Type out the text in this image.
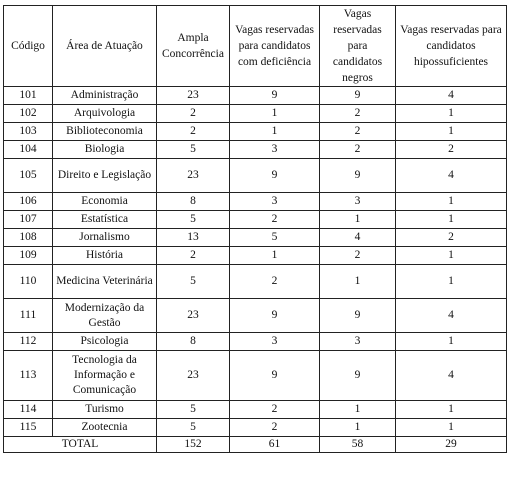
Código	Área de Atuação	Ampla Concorrência	Vagas reservadas para candidatos com deficiência	Vagas reservadas para candidatos negros	Vagas reservadas para candidatos hipossuficientes
101	Administração	23	9	9	4
102	Arquivologia	2	1	2	1
103	Biblioteconomia	2	1	2	1
104	Biologia	5	3	2	2
105	Direito e Legislação	23	9	9	4
106	Economia	8	3	3	1
107	Estatística	5	2	1	1
108	Jornalismo	13	5	4	2
109	História	2	1	2	1
110	Medicina Veterinária	5	2	1	1
111	Modernização da Gestão	23	9	9	4
112	Psicologia	8	3	3	1
113	Tecnologia da Informação e Comunicação	23	9	9	4
114	Turismo	5	2	1	1
115	Zootecnia	5	2	1	1
TOTAL		152	61	58	29
